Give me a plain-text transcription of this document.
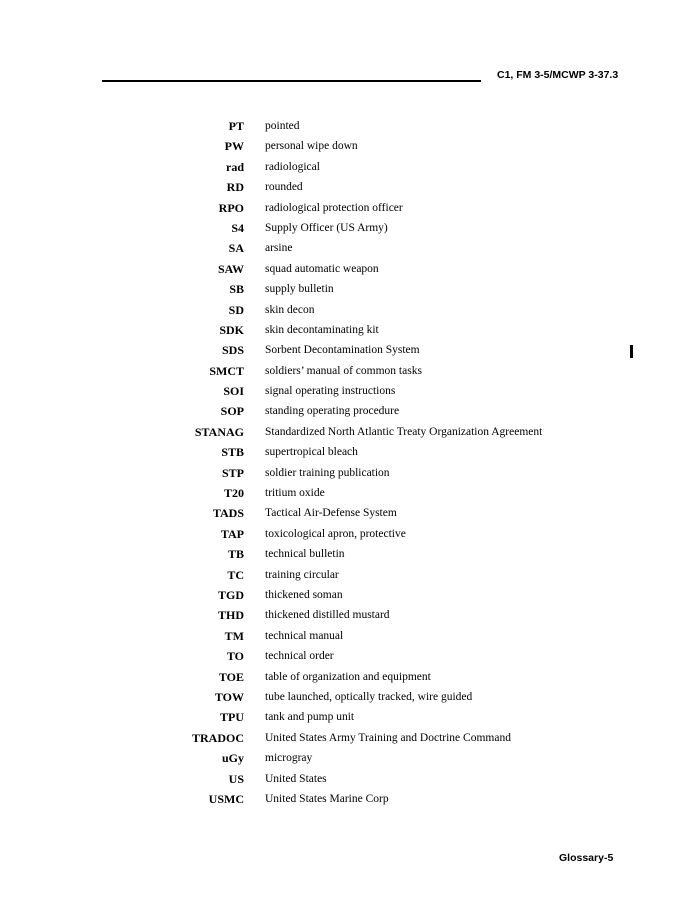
C1, FM 3-5/MCWP 3-37.3
PT pointed
PW personal wipe down
rad radiological
RD rounded
RPO radiological protection officer
S4 Supply Officer (US Army)
SA arsine
SAW squad automatic weapon
SB supply bulletin
SD skin decon
SDK skin decontaminating kit
SDS Sorbent Decontamination System
SMCT soldiers’ manual of common tasks
SOI signal operating instructions
SOP standing operating procedure
STANAG Standardized North Atlantic Treaty Organization Agreement
STB supertropical bleach
STP soldier training publication
T20 tritium oxide
TADS Tactical Air-Defense System
TAP toxicological apron, protective
TB technical bulletin
TC training circular
TGD thickened soman
THD thickened distilled mustard
TM technical manual
TO technical order
TOE table of organization and equipment
TOW tube launched, optically tracked, wire guided
TPU tank and pump unit
TRADOC United States Army Training and Doctrine Command
uGy microgray
US United States
USMC United States Marine Corp
Glossary-5
